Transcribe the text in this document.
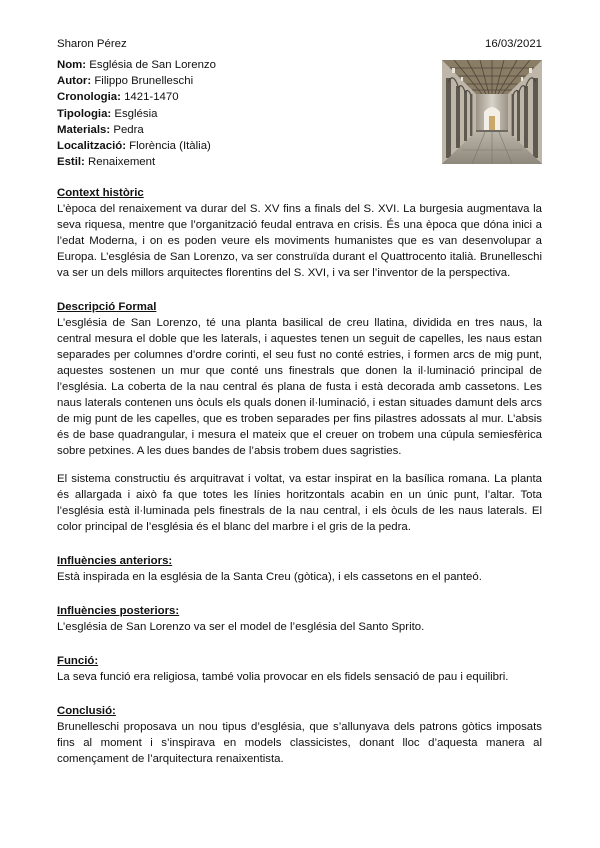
Sharon Pérez	16/03/2021
Nom: Església de San Lorenzo
Autor: Filippo Brunelleschi
Cronologia: 1421-1470
Tipologia: Església
Materials: Pedra
Localització: Florència (Itàlia)
Estil: Renaixement
Context històric

L’època del renaixement va durar del S. XV fins a finals del S. XVI. La burgesia augmentava la seva riquesa, mentre que l’organització feudal entrava en crisis. És una època que dóna inici a l’edat Moderna, i on es poden veure els moviments humanistes que es van desenvolupar a Europa. L’església de San Lorenzo, va ser construïda durant el Quattrocento italià. Brunelleschi va ser un dels millors arquitectes florentins del S. XVI, i va ser l’inventor de la perspectiva.

Descripció Formal

L’església de San Lorenzo, té una planta basilical de creu llatina, dividida en tres naus, la central mesura el doble que les laterals, i aquestes tenen un seguit de capelles, les naus estan separades per columnes d’ordre corinti, el seu fust no conté estries, i formen arcs de mig punt, aquestes sostenen un mur que conté uns finestrals que donen la il·luminació principal de l’església. La coberta de la nau central és plana de fusta i està decorada amb cassetons. Les naus laterals contenen uns òculs els quals donen il·luminació, i estan situades damunt dels arcs de mig punt de les capelles, que es troben separades per fins pilastres adossats al mur. L’absis és de base quadrangular, i mesura el mateix que el creuer on trobem una cúpula semiesfèrica sobre petxines. A les dues bandes de l’absis trobem dues sagristies.

El sistema constructiu és arquitravat i voltat, va estar inspirat en la basílica romana. La planta és allargada i això fa que totes les línies horitzontals acabin en un únic punt, l’altar. Tota l’església està il·luminada pels finestrals de la nau central, i els òculs de les naus laterals. El color principal de l’església és el blanc del marbre i el gris de la pedra.

Influències anteriors:

Està inspirada en la església de la Santa Creu (gòtica), i els cassetons en el panteó.

Influències posteriors:

L’església de San Lorenzo va ser el model de l’església del Santo Sprito.

Funció:

La seva funció era religiosa, també volia provocar en els fidels sensació de pau i equilibri.

Conclusió:

Brunelleschi proposava un nou tipus d’església, que s’allunyava dels patrons gòtics imposats fins al moment i s’inspirava en models classicistes, donant lloc d’aquesta manera al començament de l’arquitectura renaixentista.
